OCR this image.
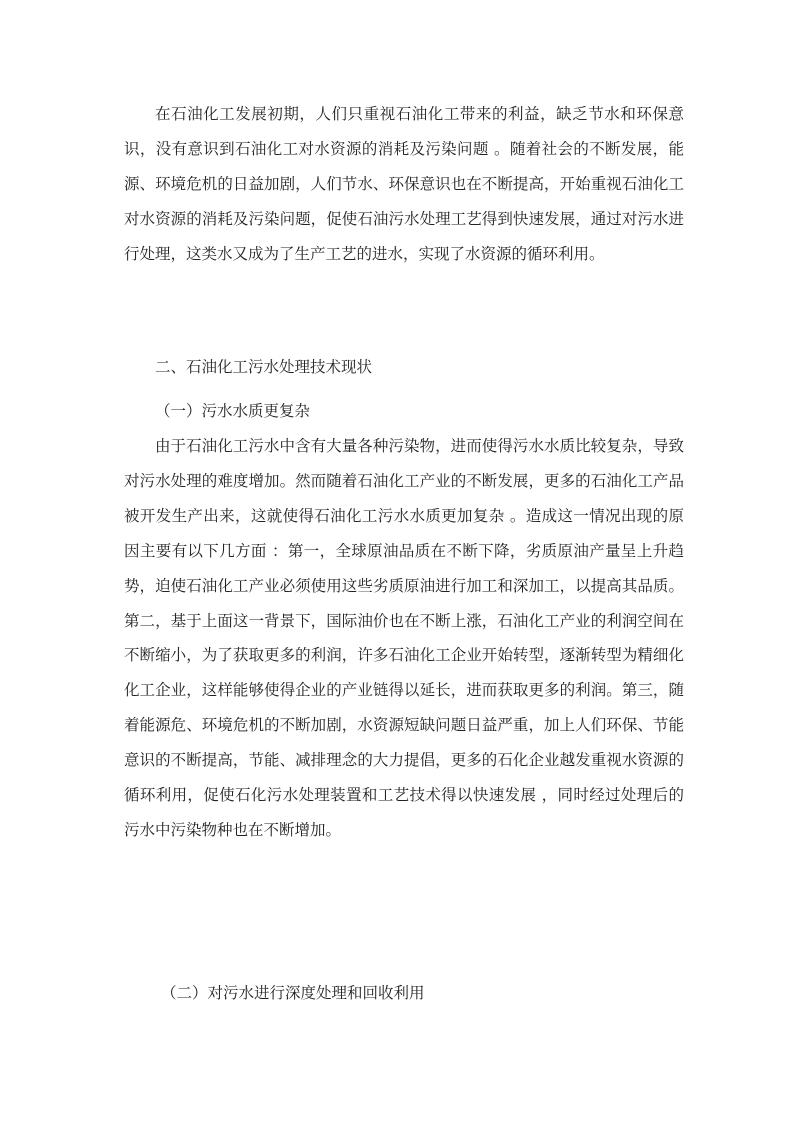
在石油化工发展初期，人们只重视石油化工带来的利益，缺乏节水和环保意识，没有意识到石油化工对水资源的消耗及污染问题 。随着社会的不断发展，能源、环境危机的日益加剧，人们节水、环保意识也在不断提高，开始重视石油化工对水资源的消耗及污染问题，促使石油污水处理工艺得到快速发展，通过对污水进行处理，这类水又成为了生产工艺的进水，实现了水资源的循环利用。

二、石油化工污水处理技术现状

（一）污水水质更复杂

由于石油化工污水中含有大量各种污染物，进而使得污水水质比较复杂，导致对污水处理的难度增加。然而随着石油化工产业的不断发展，更多的石油化工产品被开发生产出来，这就使得石油化工污水水质更加复杂 。造成这一情况出现的原因主要有以下几方面 ：第一，全球原油品质在不断下降，劣质原油产量呈上升趋势，迫使石油化工产业必须使用这些劣质原油进行加工和深加工，以提高其品质。第二，基于上面这一背景下，国际油价也在不断上涨，石油化工产业的利润空间在不断缩小，为了获取更多的利润，许多石油化工企业开始转型，逐渐转型为精细化化工企业，这样能够使得企业的产业链得以延长，进而获取更多的利润。第三，随着能源危、环境危机的不断加剧，水资源短缺问题日益严重，加上人们环保、节能意识的不断提高，节能、减排理念的大力提倡，更多的石化企业越发重视水资源的循环利用，促使石化污水处理装置和工艺技术得以快速发展 ，同时经过处理后的污水中污染物种也在不断增加。

（二）对污水进行深度处理和回收利用
